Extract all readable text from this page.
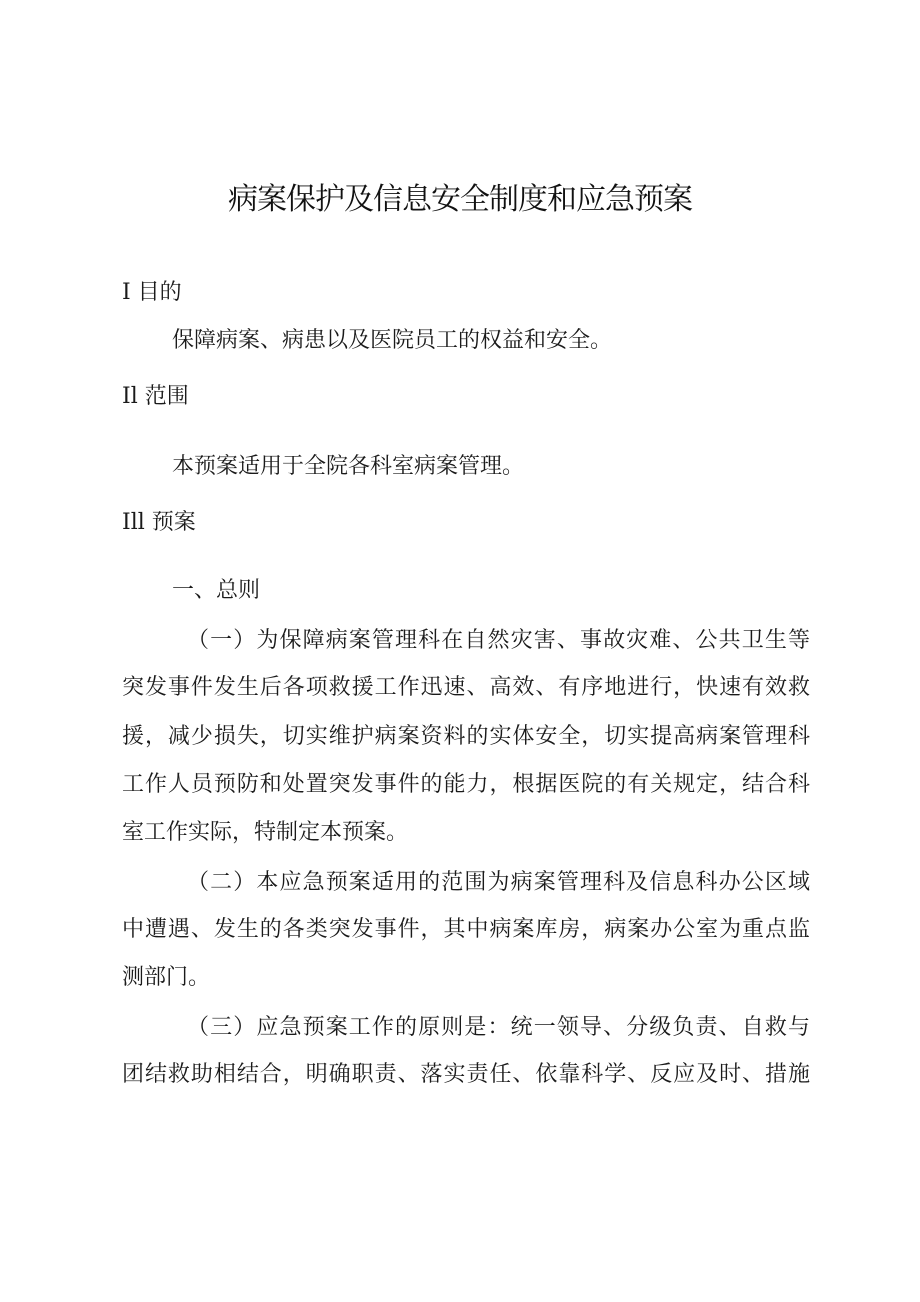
病案保护及信息安全制度和应急预案
I 目的
保障病案、病患以及医院员工的权益和安全。
Il 范围
本预案适用于全院各科室病案管理。
Ill 预案
一、总则
（一）为保障病案管理科在自然灾害、事故灾难、公共卫生等
突发事件发生后各项救援工作迅速、高效、有序地进行，快速有效救
援，减少损失，切实维护病案资料的实体安全，切实提高病案管理科
工作人员预防和处置突发事件的能力，根据医院的有关规定，结合科
室工作实际，特制定本预案。
（二）本应急预案适用的范围为病案管理科及信息科办公区域
中遭遇、发生的各类突发事件，其中病案库房，病案办公室为重点监
测部门。
（三）应急预案工作的原则是：统一领导、分级负责、自救与
团结救助相结合，明确职责、落实责任、依靠科学、反应及时、措施
